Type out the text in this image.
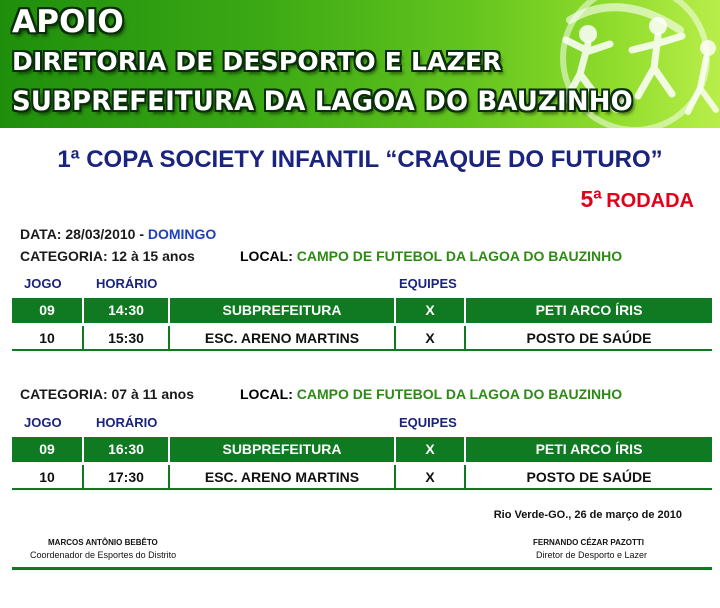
APOIO
DIRETORIA DE DESPORTO E LAZER
SUBPREFEITURA DA LAGOA DO BAUZINHO
1ª COPA SOCIETY INFANTIL “CRAQUE DO FUTURO”
5ª RODADA
DATA: 28/03/2010 - DOMINGO
CATEGORIA: 12 à 15 anos	LOCAL: CAMPO DE FUTEBOL DA LAGOA DO BAUZINHO
JOGO	HORÁRIO	EQUIPES
09	14:30	SUBPREFEITURA	X	PETI ARCO ÍRIS
10	15:30	ESC. ARENO MARTINS	X	POSTO DE SAÚDE
CATEGORIA: 07 à 11 anos	LOCAL: CAMPO DE FUTEBOL DA LAGOA DO BAUZINHO
JOGO	HORÁRIO	EQUIPES
09	16:30	SUBPREFEITURA	X	PETI ARCO ÍRIS
10	17:30	ESC. ARENO MARTINS	X	POSTO DE SAÚDE
Rio Verde-GO., 26 de março de 2010
MARCOS ANTÔNIO BEBÊTO
Coordenador de Esportes do Distrito
FERNANDO CÉZAR PAZOTTI
Diretor de Desporto e Lazer
